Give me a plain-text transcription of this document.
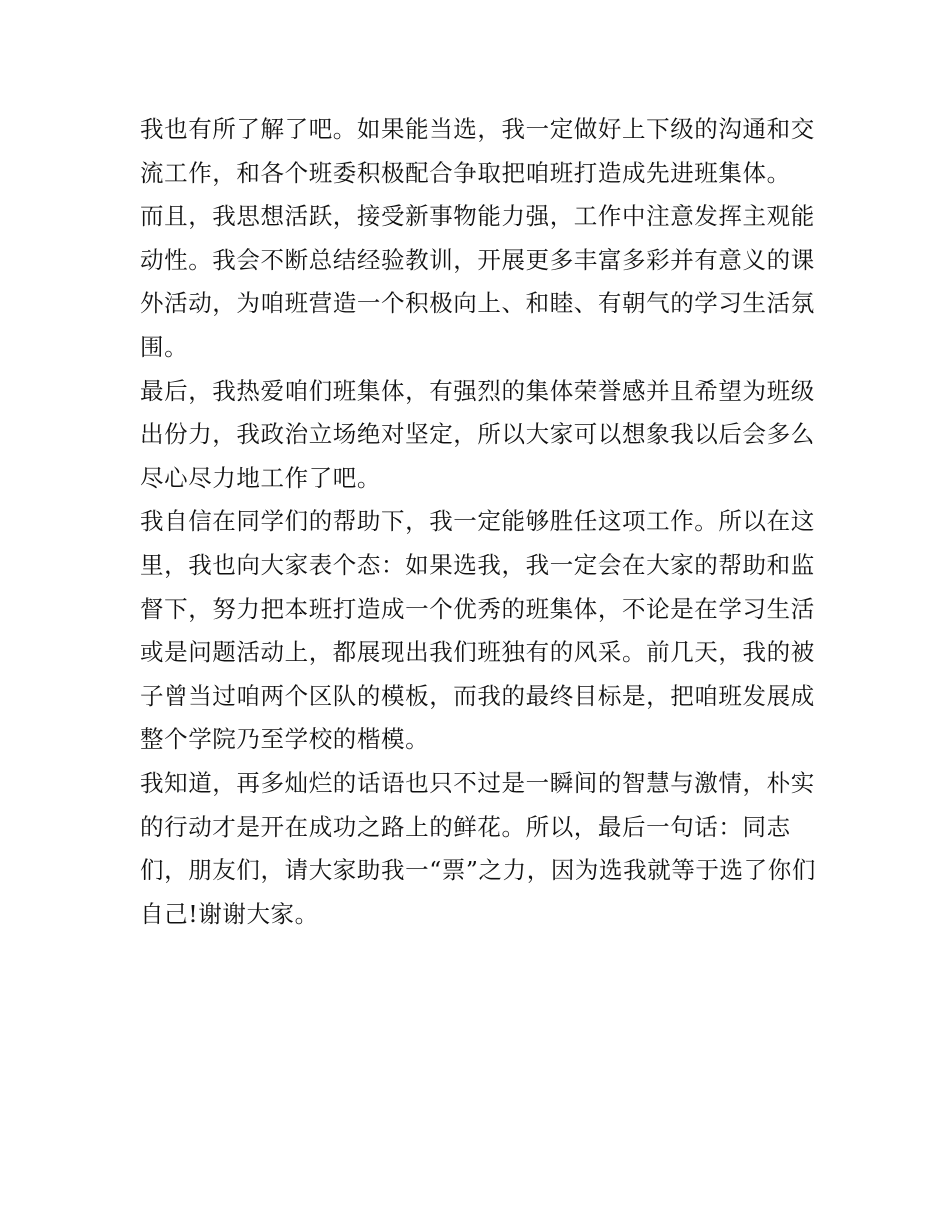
我也有所了解了吧。如果能当选，我一定做好上下级的沟通和交流工作，和各个班委积极配合争取把咱班打造成先进班集体。

而且，我思想活跃，接受新事物能力强，工作中注意发挥主观能动性。我会不断总结经验教训，开展更多丰富多彩并有意义的课外活动，为咱班营造一个积极向上、和睦、有朝气的学习生活氛围。

最后，我热爱咱们班集体，有强烈的集体荣誉感并且希望为班级出份力，我政治立场绝对坚定，所以大家可以想象我以后会多么尽心尽力地工作了吧。

我自信在同学们的帮助下，我一定能够胜任这项工作。所以在这里，我也向大家表个态：如果选我，我一定会在大家的帮助和监督下，努力把本班打造成一个优秀的班集体，不论是在学习生活或是问题活动上，都展现出我们班独有的风采。前几天，我的被子曾当过咱两个区队的模板，而我的最终目标是，把咱班发展成整个学院乃至学校的楷模。

我知道，再多灿烂的话语也只不过是一瞬间的智慧与激情，朴实的行动才是开在成功之路上的鲜花。所以，最后一句话：同志们，朋友们，请大家助我一“票”之力，因为选我就等于选了你们自己!谢谢大家。
